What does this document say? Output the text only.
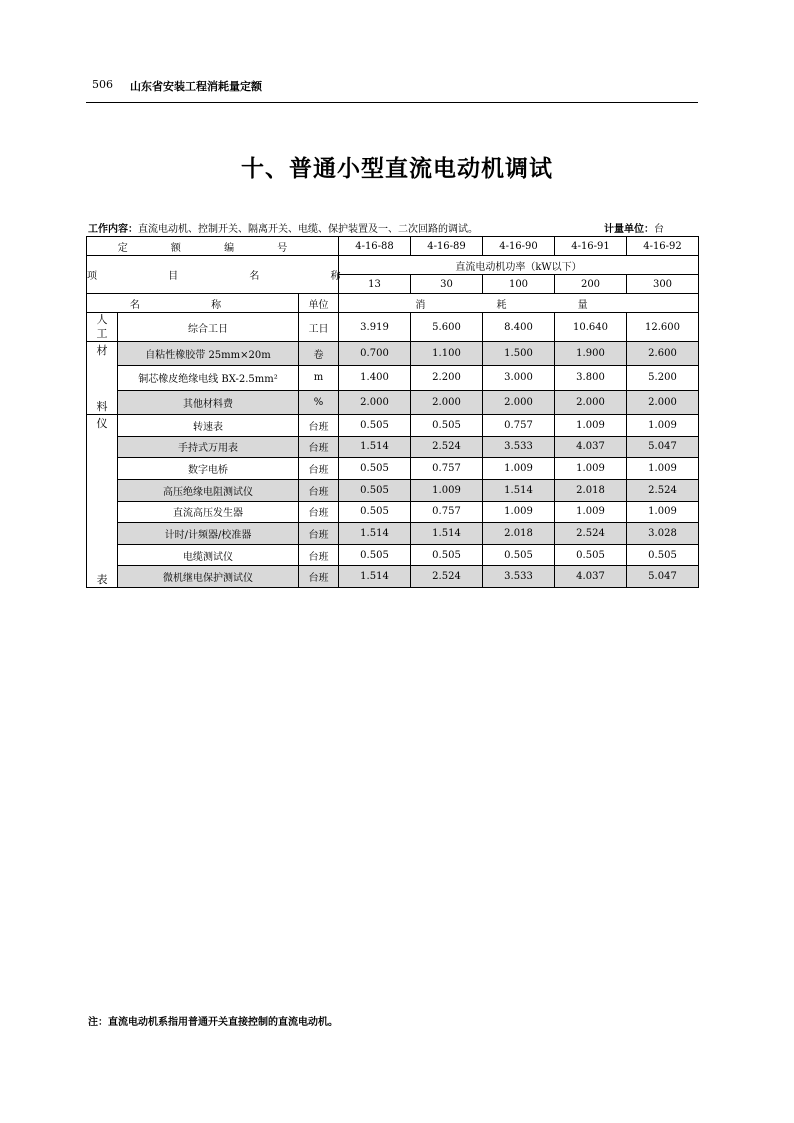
506 山东省安装工程消耗量定额
十、普通小型直流电动机调试
工作内容：直流电动机、控制开关、隔离开关、电缆、保护装置及一、二次回路的调试。	计量单位：台
定 额 编 号			4-16-88	4-16-89	4-16-90	4-16-91	4-16-92
项 目 名 称			直流电动机功率（kW以下）				
			13	30	100	200	300
名 称		单位	消 耗 量				
人工	综合工日	工日	3.919	5.600	8.400	10.640	12.600

材
料	自粘性橡胶带 25mm×20m	卷	0.700	1.100	1.500	1.900	2.600
	铜芯橡皮绝缘电线 BX-2.5mm²	m	1.400	2.200	3.000	3.800	5.200
	其他材料费	%	2.000	2.000	2.000	2.000	2.000

仪
表	转速表	台班	0.505	0.505	0.757	1.009	1.009
	手持式万用表	台班	1.514	2.524	3.533	4.037	5.047
	数字电桥	台班	0.505	0.757	1.009	1.009	1.009
	高压绝缘电阻测试仪	台班	0.505	1.009	1.514	2.018	2.524
	直流高压发生器	台班	0.505	0.757	1.009	1.009	1.009
	计时/计频器/校准器	台班	1.514	1.514	2.018	2.524	3.028
	电缆测试仪	台班	0.505	0.505	0.505	0.505	0.505
	微机继电保护测试仪	台班	1.514	2.524	3.533	4.037	5.047
注：直流电动机系指用普通开关直接控制的直流电动机。
